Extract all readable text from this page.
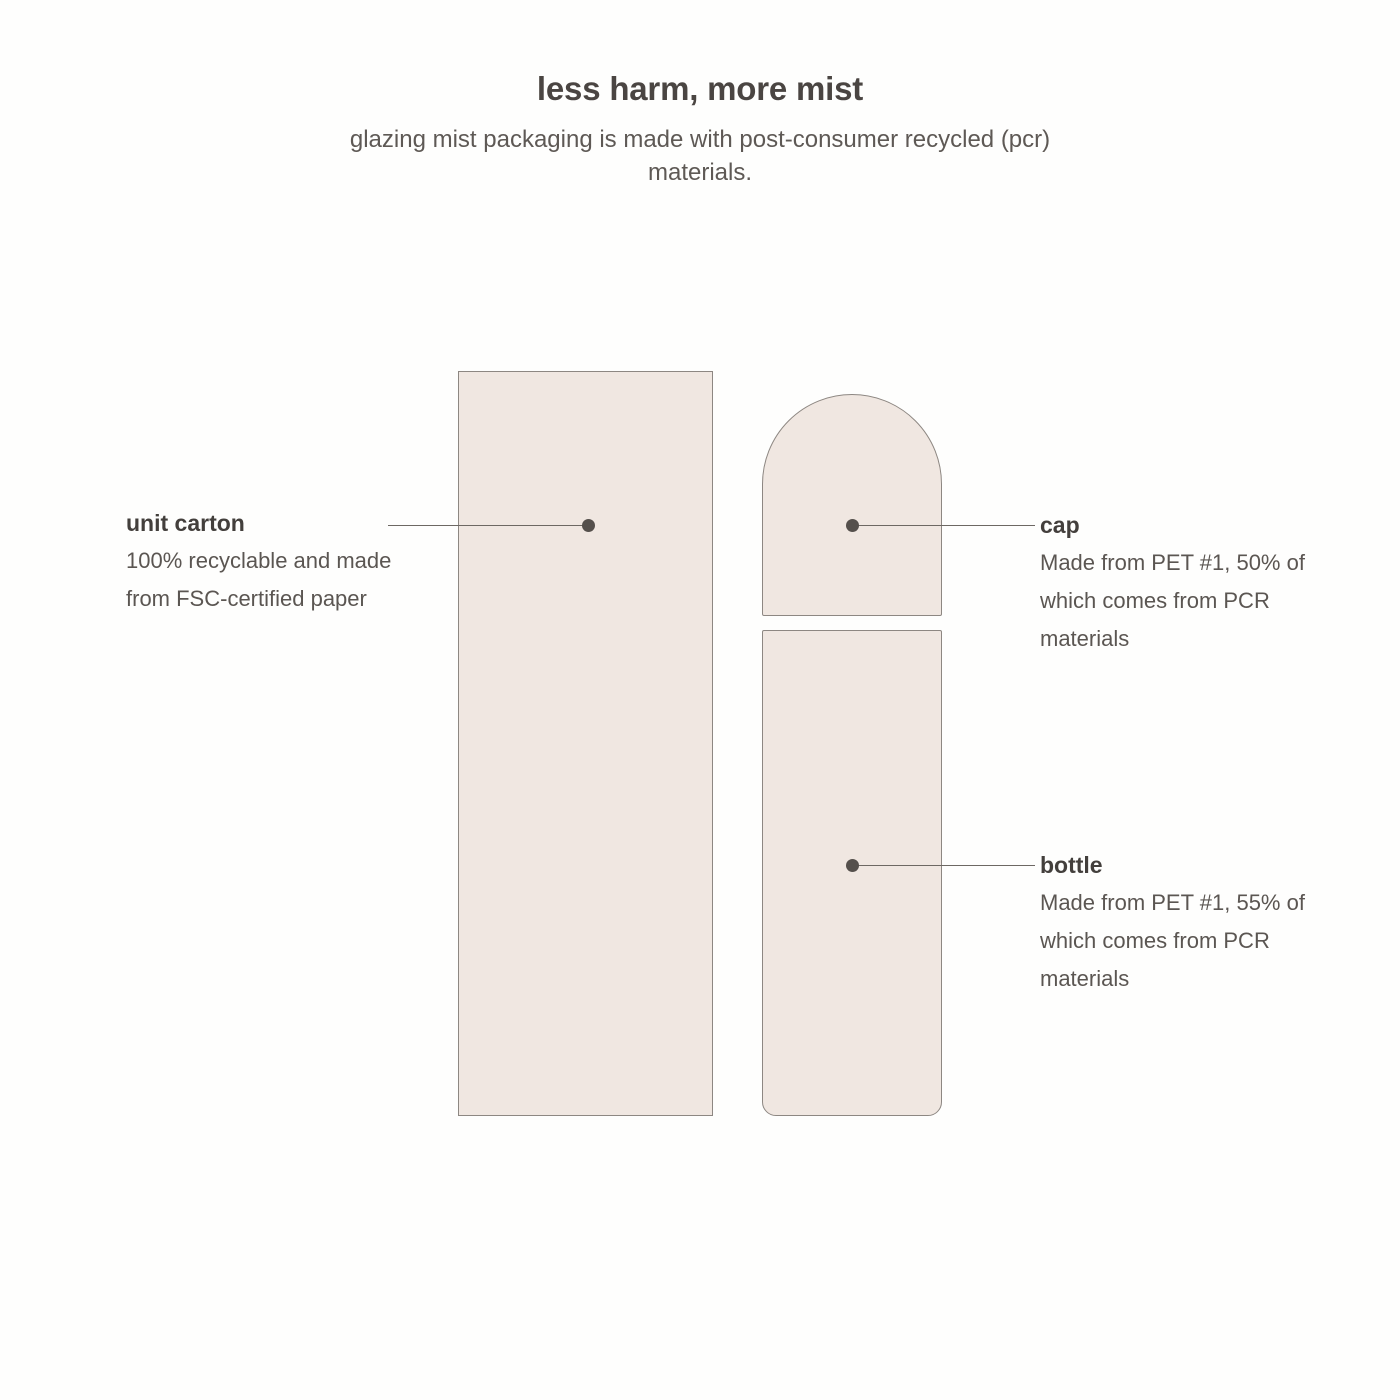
less harm, more mist

glazing mist packaging is made with post-consumer recycled (pcr) materials.

unit carton

100% recyclable and made from FSC-certified paper

cap

Made from PET #1, 50% of which comes from PCR materials

bottle

Made from PET #1, 55% of which comes from PCR materials
